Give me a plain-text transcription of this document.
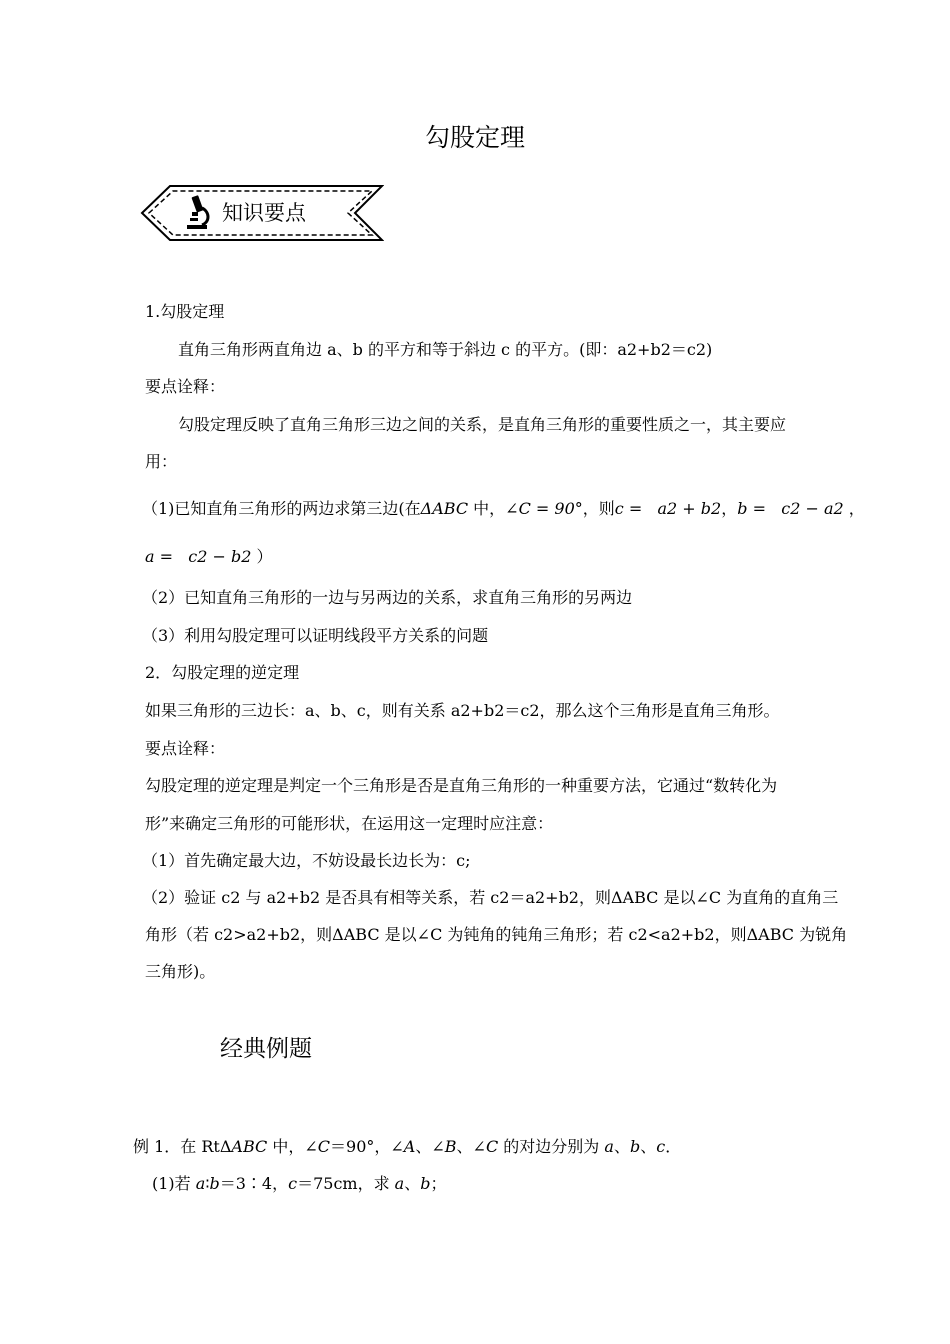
勾股定理
知识要点
1.勾股定理
直角三角形两直角边 a、b 的平方和等于斜边 c 的平方。(即：a2+b2＝c2)
要点诠释：
勾股定理反映了直角三角形三边之间的关系，是直角三角形的重要性质之一，其主要应
用：
（1)已知直角三角形的两边求第三边(在ΔABC 中，∠C = 90°，则c = a2 + b2，b = c2 − a2 ，
a = c2 − b2 ）
（2）已知直角三角形的一边与另两边的关系，求直角三角形的另两边
（3）利用勾股定理可以证明线段平方关系的问题
2．勾股定理的逆定理
如果三角形的三边长：a、b、c，则有关系 a2+b2＝c2，那么这个三角形是直角三角形。
要点诠释：
勾股定理的逆定理是判定一个三角形是否是直角三角形的一种重要方法，它通过“数转化为
形”来确定三角形的可能形状，在运用这一定理时应注意：
（1）首先确定最大边，不妨设最长边长为：c;
（2）验证 c2 与 a2+b2 是否具有相等关系，若 c2＝a2+b2，则ΔABC 是以∠C 为直角的直角三
角形（若 c2>a2+b2，则ΔABC 是以∠C 为钝角的钝角三角形；若 c2<a2+b2，则ΔABC 为锐角
三角形)。
经典例题
例 1．在 RtΔABC 中，∠C＝90°，∠A、∠B、∠C 的对边分别为 a、b、c．
(1)若 a∶b＝3∶4，c＝75cm，求 a、b；
